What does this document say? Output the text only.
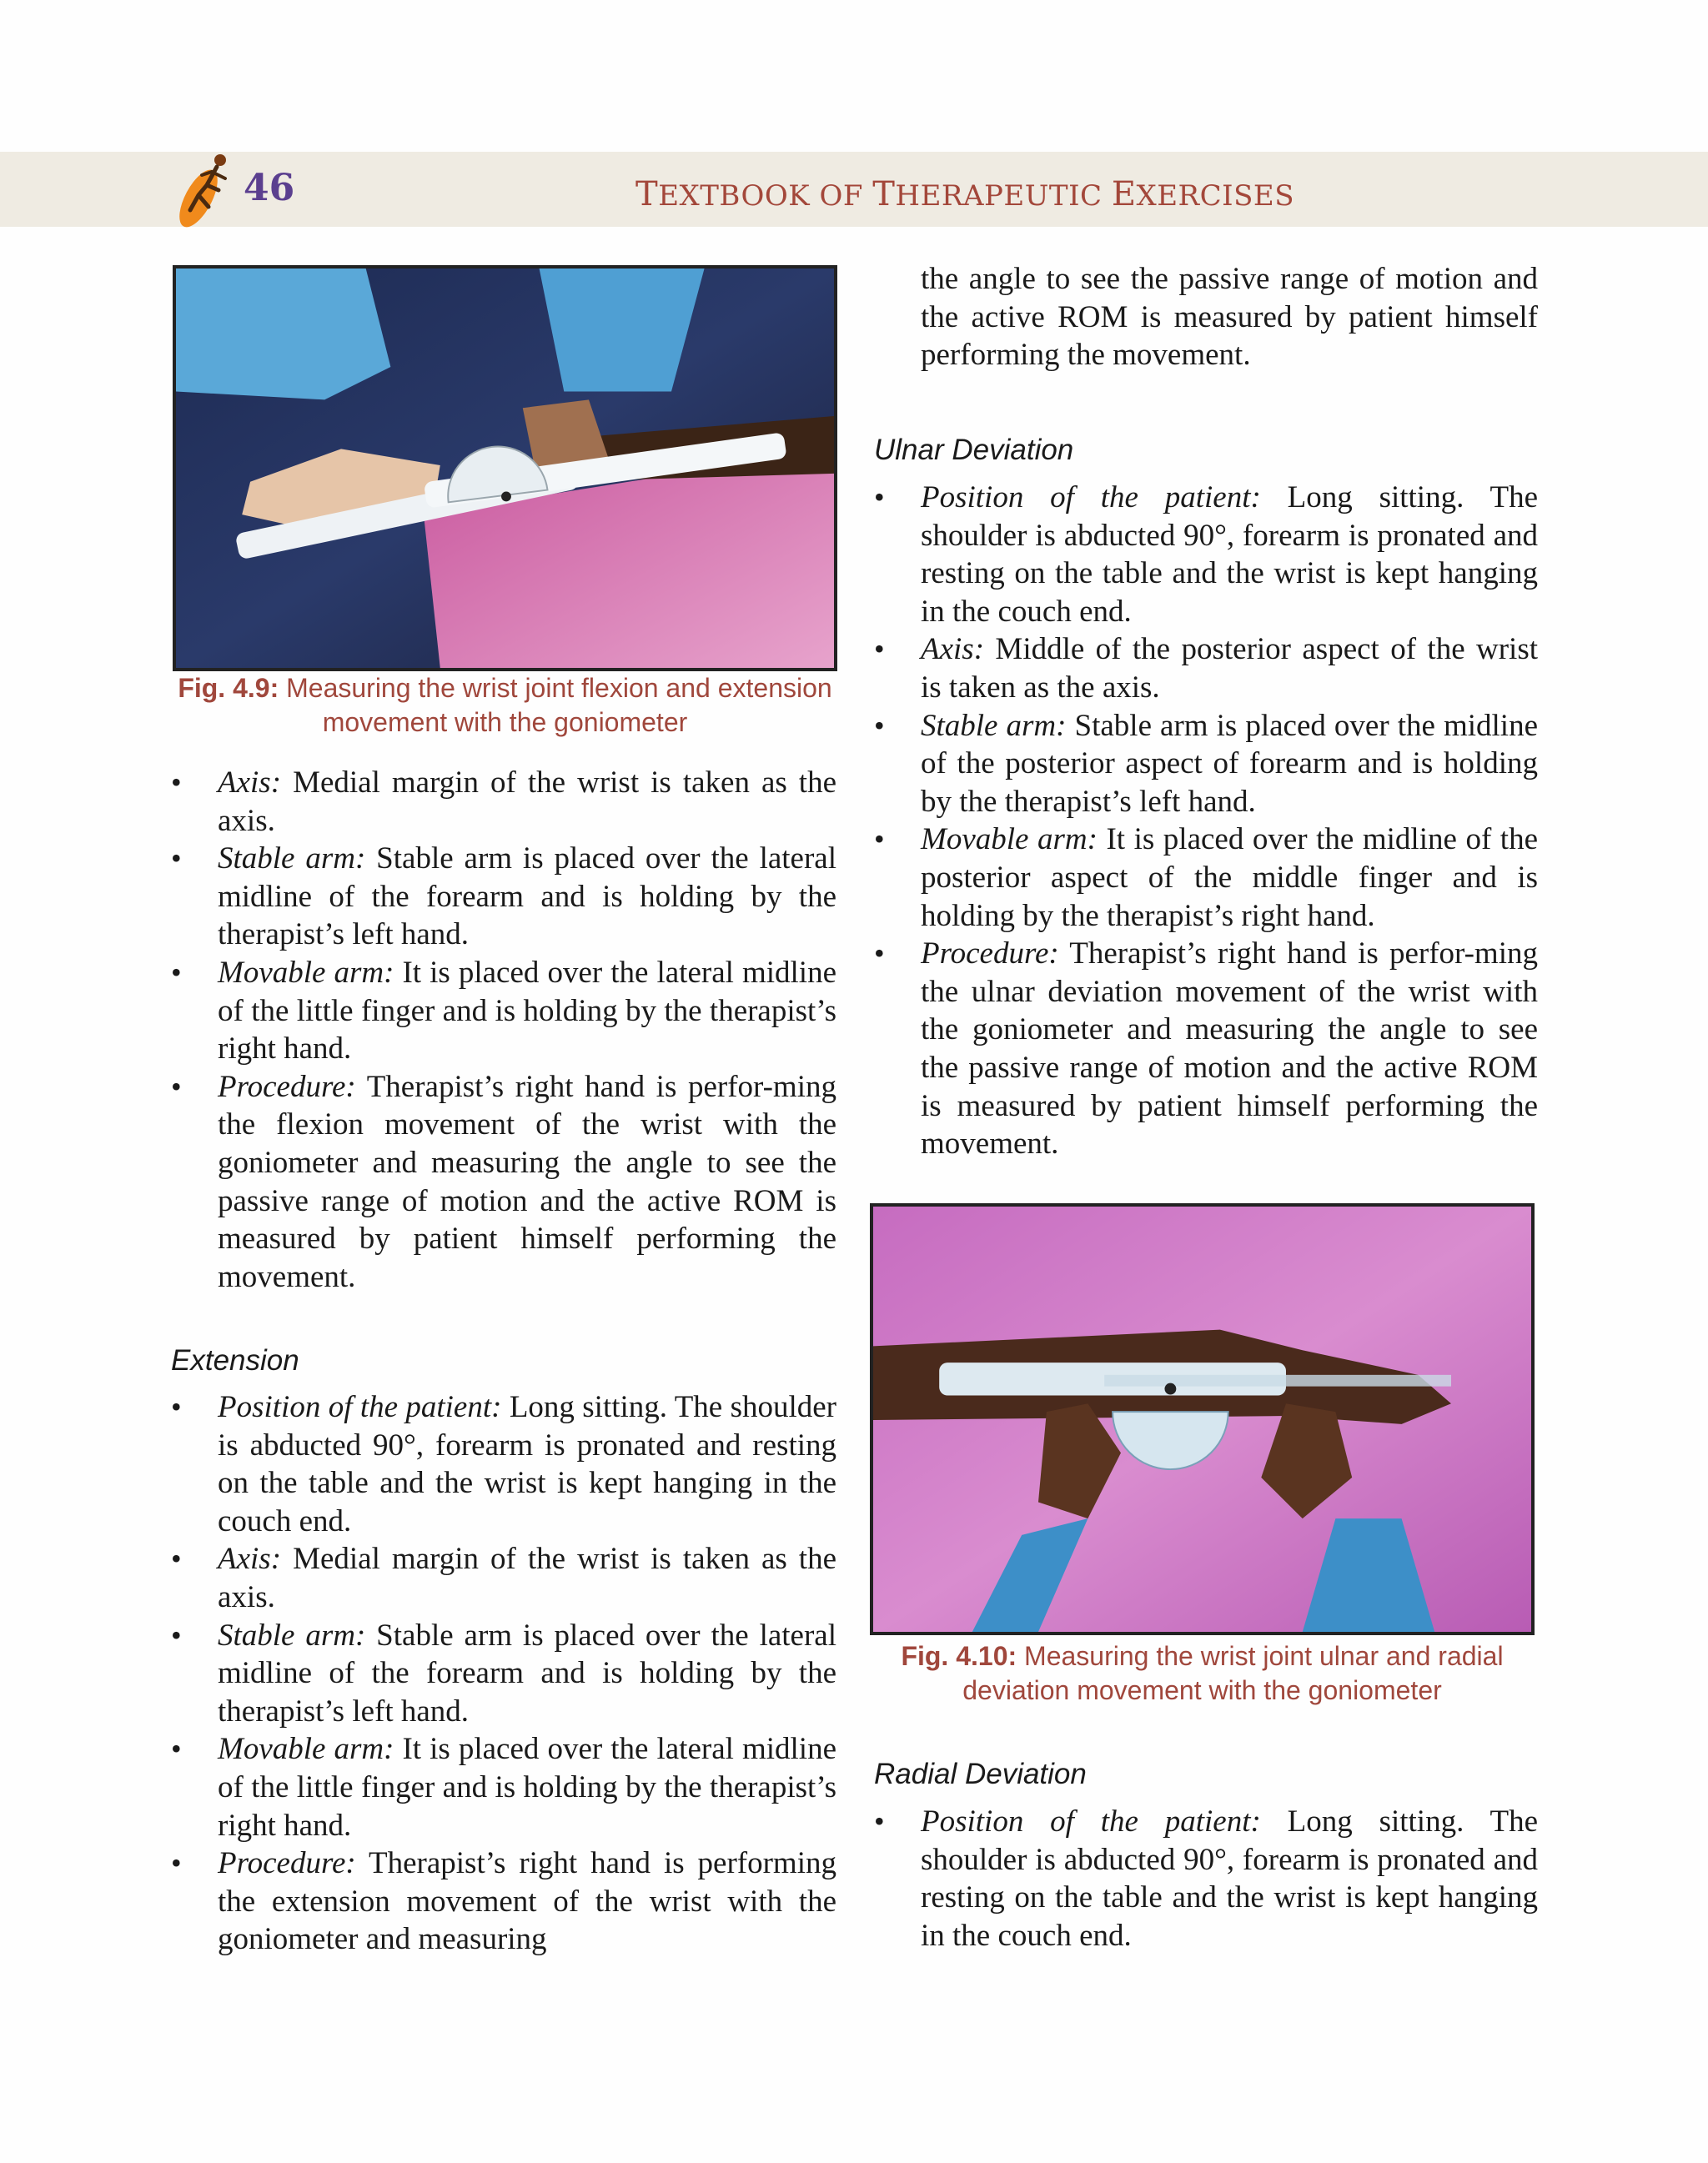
46	TEXTBOOK OF THERAPEUTIC EXERCISES
Fig. 4.9: Measuring the wrist joint flexion and extension movement with the goniometer
• Axis: Medial margin of the wrist is taken as the axis.
• Stable arm: Stable arm is placed over the lateral midline of the forearm and is holding by the therapist’s left hand.
• Movable arm: It is placed over the lateral midline of the little finger and is holding by the therapist’s right hand.
• Procedure: Therapist’s right hand is perfor-ming the flexion movement of the wrist with the goniometer and measuring the angle to see the passive range of motion and the active ROM is measured by patient himself performing the movement.
Extension
• Position of the patient: Long sitting. The shoulder is abducted 90°, forearm is pronated and resting on the table and the wrist is kept hanging in the couch end.
• Axis: Medial margin of the wrist is taken as the axis.
• Stable arm: Stable arm is placed over the lateral midline of the forearm and is holding by the therapist’s left hand.
• Movable arm: It is placed over the lateral midline of the little finger and is holding by the therapist’s right hand.
• Procedure: Therapist’s right hand is performing the extension movement of the wrist with the goniometer and measuring
the angle to see the passive range of motion and the active ROM is measured by patient himself performing the movement.
Ulnar Deviation
• Position of the patient: Long sitting. The shoulder is abducted 90°, forearm is pronated and resting on the table and the wrist is kept hanging in the couch end.
• Axis: Middle of the posterior aspect of the wrist is taken as the axis.
• Stable arm: Stable arm is placed over the midline of the posterior aspect of forearm and is holding by the therapist’s left hand.
• Movable arm: It is placed over the midline of the posterior aspect of the middle finger and is holding by the therapist’s right hand.
• Procedure: Therapist’s right hand is perfor-ming the ulnar deviation movement of the wrist with the goniometer and measuring the angle to see the passive range of motion and the active ROM is measured by patient himself performing the movement.
Fig. 4.10: Measuring the wrist joint ulnar and radial deviation movement with the goniometer
Radial Deviation
• Position of the patient: Long sitting. The shoulder is abducted 90°, forearm is pronated and resting on the table and the wrist is kept hanging in the couch end.
